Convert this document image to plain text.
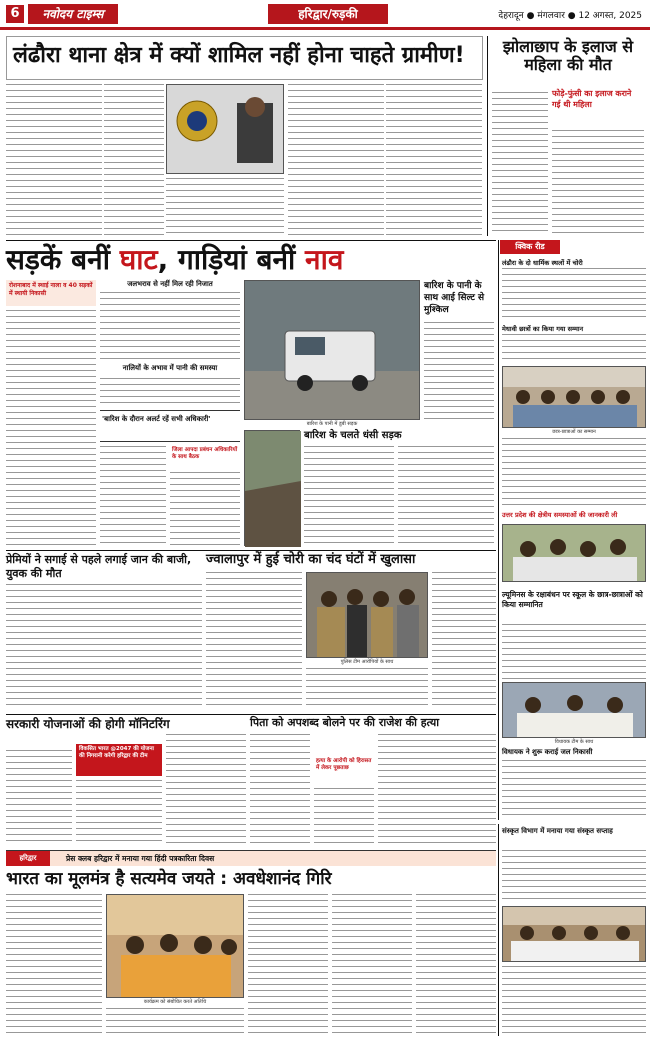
6	नवोदय टाइम्स	हरिद्वार/रुड़की	देहरादून ● मंगलवार ● 12 अगस्त, 2025
लंढौरा थाना क्षेत्र में क्यों शामिल नहीं होना चाहते ग्रामीण!	झोलाछाप के इलाज से महिला की मौत
फोड़े-फुंसी का इलाज कराने गई थी महिला
सड़कें बनीं घाट, गाड़ियां बनीं नाव
रोशनाबाद में स्थाई नाला व 40 सड़कों में स्थायी निकासी
जलभराव से नहीं मिल रही निजात
नालियों के अभाव में पानी की समस्या
'बारिश के दौरान अलर्ट रहें सभी अधिकारी'
जिला आपदा प्रबंधन अधिकारियों के साथ बैठक
बारिश के पानी में डूबी सड़क
बारिश के पानी के साथ आई सिल्ट से मुश्किल
बारिश के चलते धंसी सड़क
क्विक रीड
लंढौरा के दो धार्मिक स्थलों में चोरी
मेधावी छात्रों का किया गया सम्मान
छात्र-छात्राओं का सम्मान
उत्तर प्रदेश की क्षेत्रीय समस्याओं की जानकारी ली
ल्यूमिनस के रक्षाबंधन पर स्कूल के छात्र-छात्राओं को किया सम्मानित
विधायक टीम के साथ
विधायक ने शुरू कराई जल निकासी
प्रेमियों ने सगाई से पहले लगाई जान की बाजी, युवक की मौत
ज्वालापुर में हुई चोरी का चंद घंटों में खुलासा
पुलिस टीम आरोपियों के साथ
सरकारी योजनाओं की होगी मॉनिटरिंग
विकसित भारत @2047 की योजना की निगरानी करेगी हरिद्वार की टीम
पिता को अपशब्द बोलने पर की राजेश की हत्या
हत्या के आरोपी को हिरासत में लेकर पूछताछ
हरिद्वार	प्रेस क्लब हरिद्वार में मनाया गया हिंदी पत्रकारिता दिवस
भारत का मूलमंत्र है सत्यमेव जयते : अवधेशानंद गिरि
कार्यक्रम को संबोधित करते अतिथि
संस्कृत विभाग में मनाया गया संस्कृत सप्ताह
